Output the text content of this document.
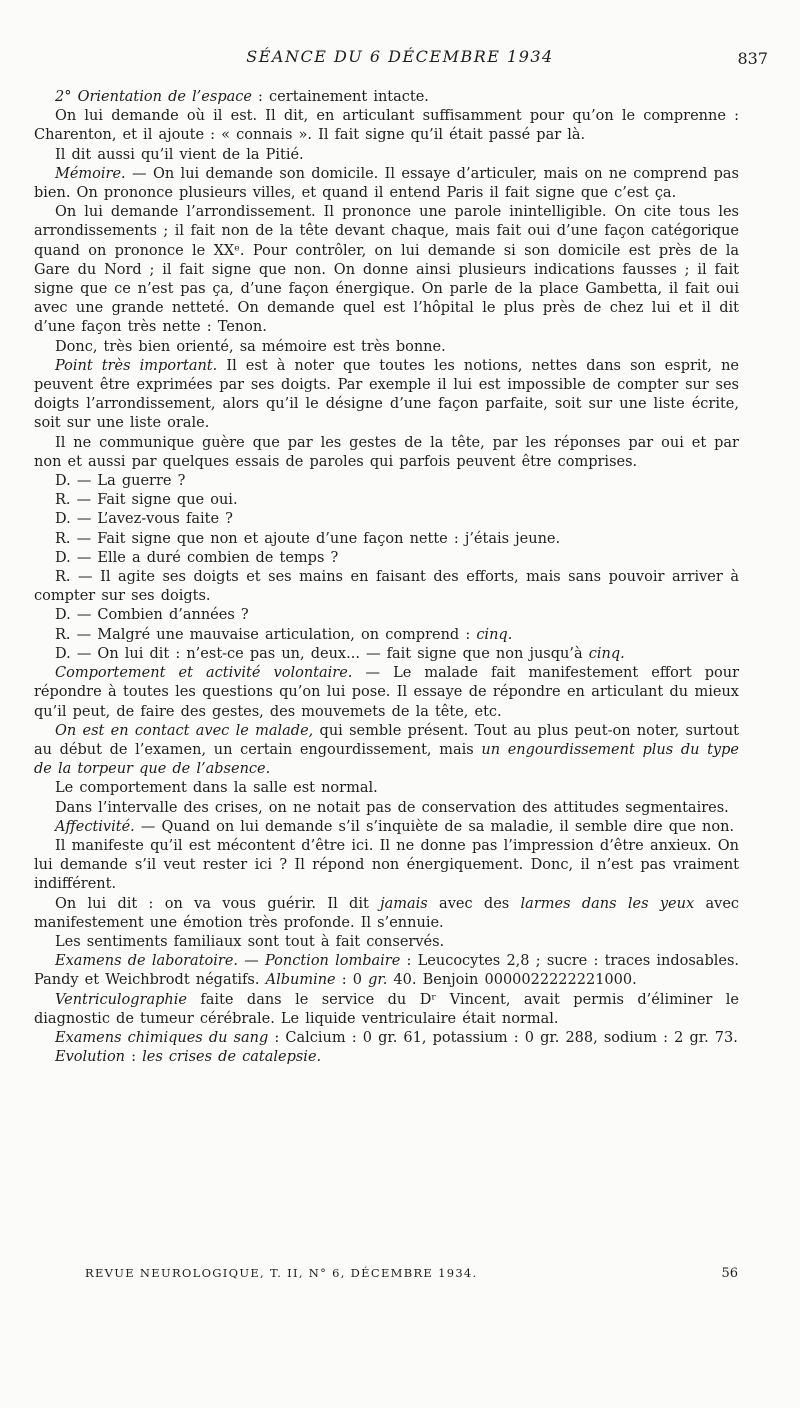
SÉANCE DU 6 DÉCEMBRE 1934	837

2° Orientation de l’espace : certainement intacte.

On lui demande où il est. Il dit, en articulant suffisamment pour qu’on le comprenne : Charenton, et il ajoute : « connais ». Il fait signe qu’il était passé par là.

Il dit aussi qu’il vient de la Pitié.

Mémoire. — On lui demande son domicile. Il essaye d’articuler, mais on ne comprend pas bien. On prononce plusieurs villes, et quand il entend Paris il fait signe que c’est ça.

On lui demande l’arrondissement. Il prononce une parole inintelligible. On cite tous les arrondissements ; il fait non de la tête devant chaque, mais fait oui d’une façon catégorique quand on prononce le XXᵉ. Pour contrôler, on lui demande si son domicile est près de la Gare du Nord ; il fait signe que non. On donne ainsi plusieurs indications fausses ; il fait signe que ce n’est pas ça, d’une façon énergique. On parle de la place Gambetta, il fait oui avec une grande netteté. On demande quel est l’hôpital le plus près de chez lui et il dit d’une façon très nette : Tenon.

Donc, très bien orienté, sa mémoire est très bonne.

Point très important. Il est à noter que toutes les notions, nettes dans son esprit, ne peuvent être exprimées par ses doigts. Par exemple il lui est impossible de compter sur ses doigts l’arrondissement, alors qu’il le désigne d’une façon parfaite, soit sur une liste écrite, soit sur une liste orale.

Il ne communique guère que par les gestes de la tête, par les réponses par oui et par non et aussi par quelques essais de paroles qui parfois peuvent être comprises.

D. — La guerre ?

R. — Fait signe que oui.

D. — L’avez-vous faite ?

R. — Fait signe que non et ajoute d’une façon nette : j’étais jeune.

D. — Elle a duré combien de temps ?

R. — Il agite ses doigts et ses mains en faisant des efforts, mais sans pouvoir arriver à compter sur ses doigts.

D. — Combien d’années ?

R. — Malgré une mauvaise articulation, on comprend : cinq.

D. — On lui dit : n’est-ce pas un, deux... — fait signe que non jusqu’à cinq.

Comportement et activité volontaire. — Le malade fait manifestement effort pour répondre à toutes les questions qu’on lui pose. Il essaye de répondre en articulant du mieux qu’il peut, de faire des gestes, des mouvemets de la tête, etc.

On est en contact avec le malade, qui semble présent. Tout au plus peut-on noter, surtout au début de l’examen, un certain engourdissement, mais un engourdissement plus du type de la torpeur que de l’absence.

Le comportement dans la salle est normal.

Dans l’intervalle des crises, on ne notait pas de conservation des attitudes segmentaires.

Affectivité. — Quand on lui demande s’il s’inquiète de sa maladie, il semble dire que non.

Il manifeste qu’il est mécontent d’être ici. Il ne donne pas l’impression d’être anxieux. On lui demande s’il veut rester ici ? Il répond non énergiquement. Donc, il n’est pas vraiment indifférent.

On lui dit : on va vous guérir. Il dit jamais avec des larmes dans les yeux avec manifestement une émotion très profonde. Il s’ennuie.

Les sentiments familiaux sont tout à fait conservés.

Examens de laboratoire. — Ponction lombaire : Leucocytes 2,8 ; sucre : traces indosables. Pandy et Weichbrodt négatifs. Albumine : 0 gr. 40. Benjoin 0000022222221000.

Ventriculographie faite dans le service du Dʳ Vincent, avait permis d’éliminer le diagnostic de tumeur cérébrale. Le liquide ventriculaire était normal.

Examens chimiques du sang : Calcium : 0 gr. 61, potassium : 0 gr. 288, sodium : 2 gr. 73.

Evolution : les crises de catalepsie.

REVUE NEUROLOGIQUE, T. II, N° 6, DÉCEMBRE 1934.	56
